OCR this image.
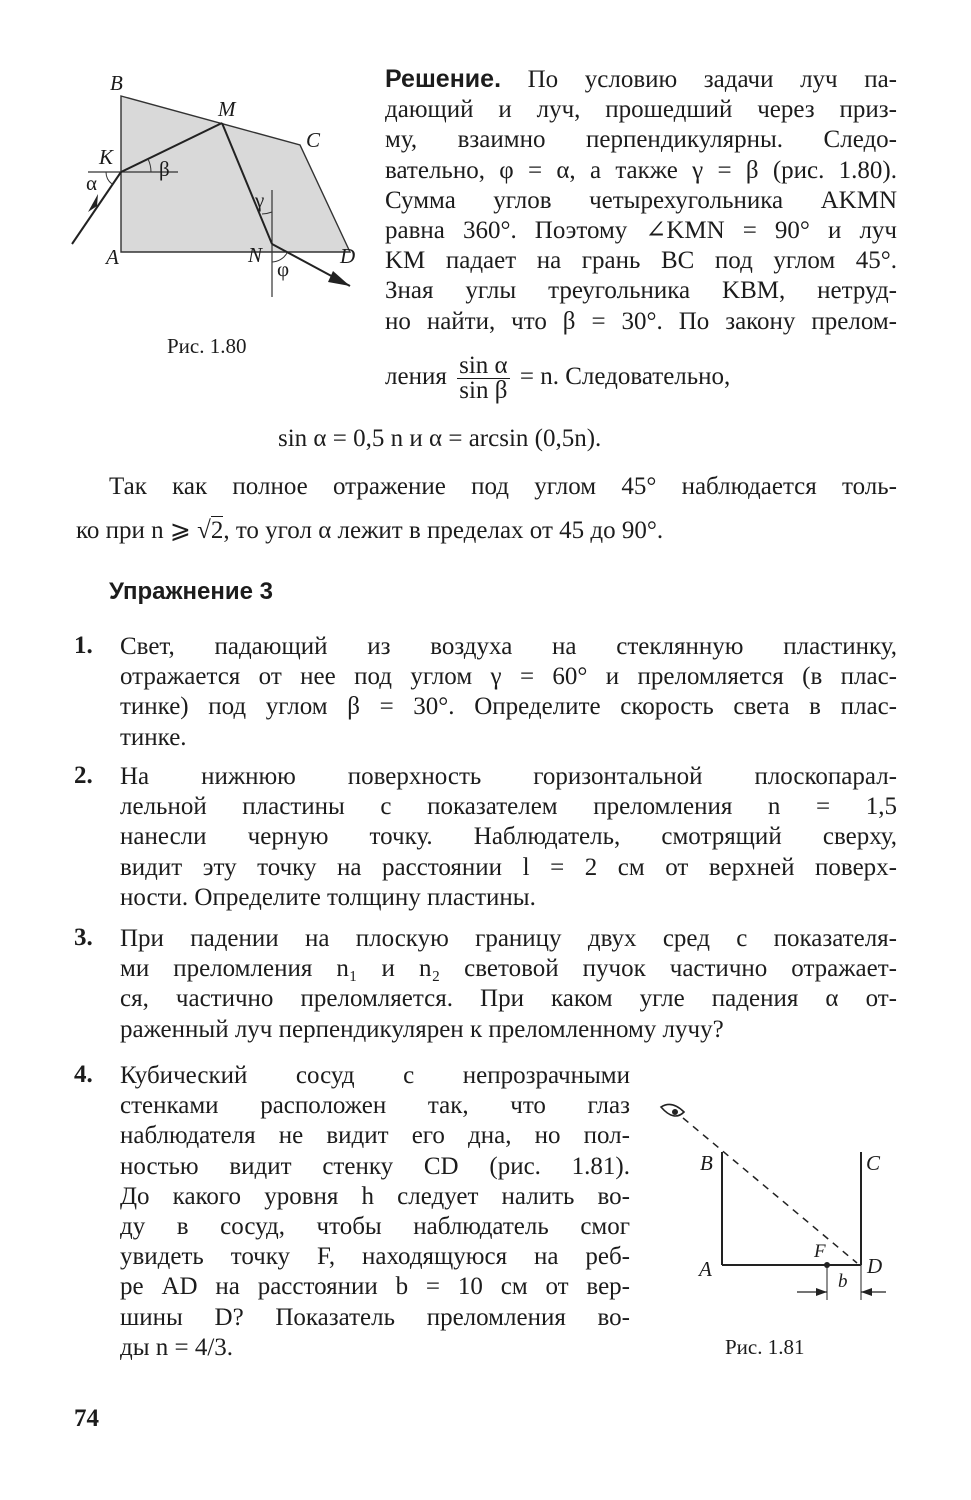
B
M
C
K β
α
γ
A	N
φ
D
Рис. 1.80
Решение. По условию задачи луч па-
дающий и луч, прошедший через приз-
му, взаимно перпендикулярны. Следо-
вательно, φ = α, а также γ = β (рис. 1.80).
Сумма углов четырехугольника AKMN
равна 360°. Поэтому ∠KMN = 90° и луч
KM падает на грань BC под углом 45°.
Зная углы треугольника KBM, нетруд-
но найти, что β = 30°. По закону прелом-
ления $\frac{\text{sin α}}{\text{sin β}} = n$. Следовательно,
sin α = 0,5 n и α = arcsin (0,5n).
Так как полное отражение под углом 45° наблюдается толь-
ко при n ⩾ √2, то угол α лежит в пределах от 45 до 90°.
Упражнение 3
1. Свет, падающий из воздуха на стеклянную пластинку,
отражается от нее под углом γ = 60° и преломляется (в плас-
тинке) под углом β = 30°. Определите скорость света в плас-
тинке.
2. На нижнюю поверхность горизонтальной плоскопарал-
лельной пластины с показателем преломления n = 1,5
нанесли черную точку. Наблюдатель, смотрящий сверху,
видит эту точку на расстоянии l = 2 см от верхней поверх-
ности. Определите толщину пластины.
3. При падении на плоскую границу двух сред с показателя-
ми преломления n₁ и n₂ световой пучок частично отражает-
ся, частично преломляется. При каком угле падения α от-
раженный луч перпендикулярен к преломленному лучу?
4. Кубический сосуд с непрозрачными
стенками расположен так, что глаз
наблюдателя не видит его дна, но пол-
ностью видит стенку CD (рис. 1.81).
До какого уровня h следует налить во-
ду в сосуд, чтобы наблюдатель смог
увидеть точку F, находящуюся на реб-
ре AD на расстоянии b = 10 см от вер-
шины D? Показатель преломления во-
ды n = 4/3.
B	C
A	D
F
b
Рис. 1.81
74
